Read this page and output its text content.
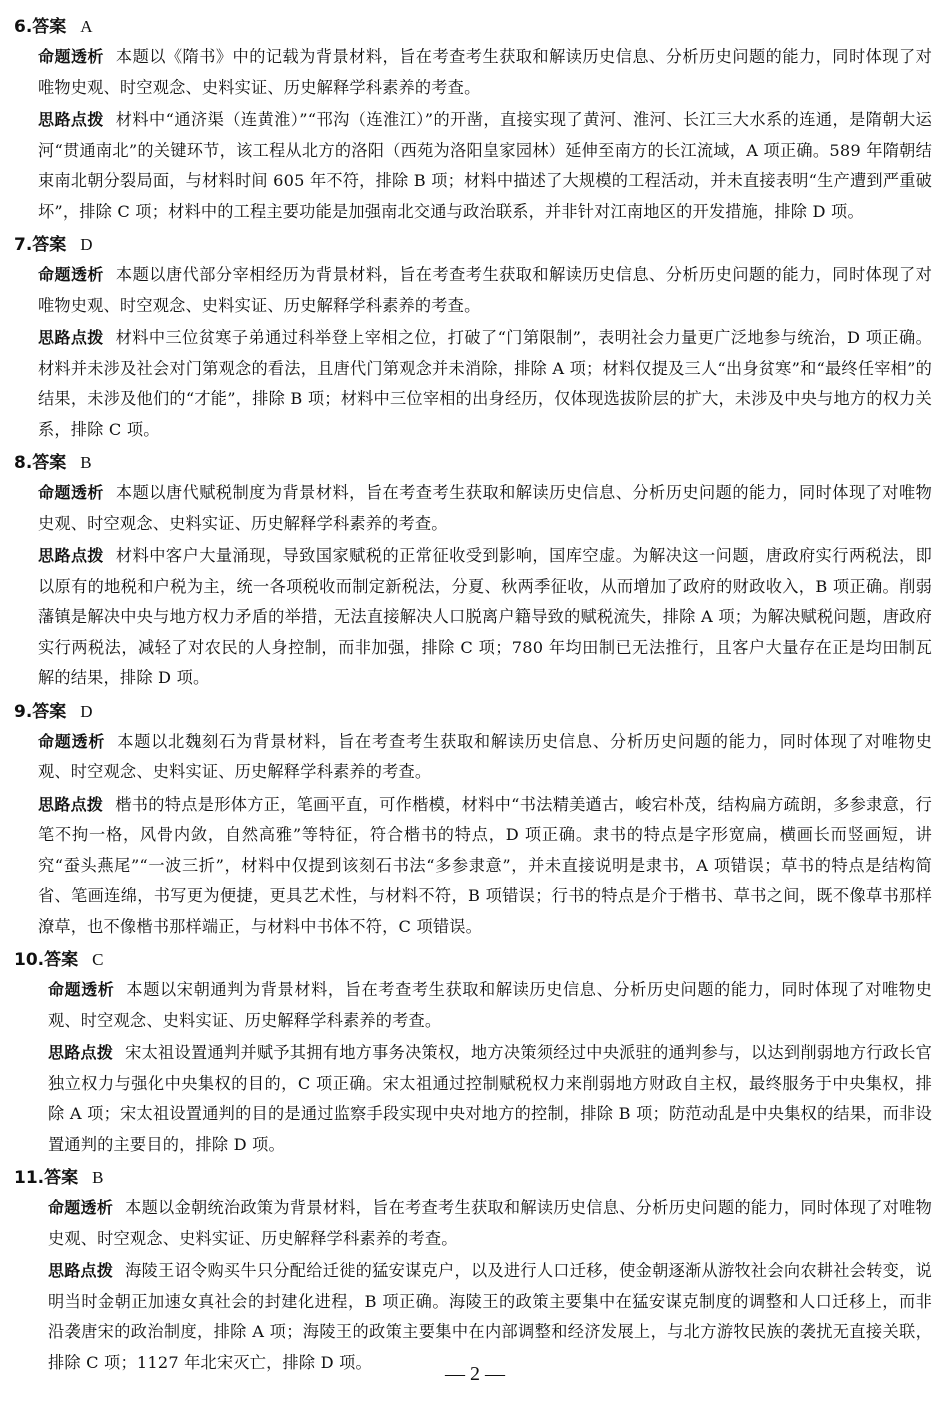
6.答案 A

命题透析 本题以《隋书》中的记载为背景材料，旨在考查考生获取和解读历史信息、分析历史问题的能力，同时体现了对唯物史观、时空观念、史料实证、历史解释学科素养的考查。

思路点拨 材料中“通济渠（连黄淮）”“邗沟（连淮江）”的开凿，直接实现了黄河、淮河、长江三大水系的连通，是隋朝大运河“贯通南北”的关键环节，该工程从北方的洛阳（西苑为洛阳皇家园林）延伸至南方的长江流域，A 项正确。589 年隋朝结束南北朝分裂局面，与材料时间 605 年不符，排除 B 项；材料中描述了大规模的工程活动，并未直接表明“生产遭到严重破坏”，排除 C 项；材料中的工程主要功能是加强南北交通与政治联系，并非针对江南地区的开发措施，排除 D 项。

7.答案 D

命题透析 本题以唐代部分宰相经历为背景材料，旨在考查考生获取和解读历史信息、分析历史问题的能力，同时体现了对唯物史观、时空观念、史料实证、历史解释学科素养的考查。

思路点拨 材料中三位贫寒子弟通过科举登上宰相之位，打破了“门第限制”，表明社会力量更广泛地参与统治，D 项正确。材料并未涉及社会对门第观念的看法，且唐代门第观念并未消除，排除 A 项；材料仅提及三人“出身贫寒”和“最终任宰相”的结果，未涉及他们的“才能”，排除 B 项；材料中三位宰相的出身经历，仅体现选拔阶层的扩大，未涉及中央与地方的权力关系，排除 C 项。

8.答案 B

命题透析 本题以唐代赋税制度为背景材料，旨在考查考生获取和解读历史信息、分析历史问题的能力，同时体现了对唯物史观、时空观念、史料实证、历史解释学科素养的考查。

思路点拨 材料中客户大量涌现，导致国家赋税的正常征收受到影响，国库空虚。为解决这一问题，唐政府实行两税法，即以原有的地税和户税为主，统一各项税收而制定新税法，分夏、秋两季征收，从而增加了政府的财政收入，B 项正确。削弱藩镇是解决中央与地方权力矛盾的举措，无法直接解决人口脱离户籍导致的赋税流失，排除 A 项；为解决赋税问题，唐政府实行两税法，减轻了对农民的人身控制，而非加强，排除 C 项；780 年均田制已无法推行，且客户大量存在正是均田制瓦解的结果，排除 D 项。

9.答案 D

命题透析 本题以北魏刻石为背景材料，旨在考查考生获取和解读历史信息、分析历史问题的能力，同时体现了对唯物史观、时空观念、史料实证、历史解释学科素养的考查。

思路点拨 楷书的特点是形体方正，笔画平直，可作楷模，材料中“书法精美遒古，峻宕朴茂，结构扁方疏朗，多参隶意，行笔不拘一格，风骨内敛，自然高雅”等特征，符合楷书的特点，D 项正确。隶书的特点是字形宽扁，横画长而竖画短，讲究“蚕头燕尾”“一波三折”，材料中仅提到该刻石书法“多参隶意”，并未直接说明是隶书，A 项错误；草书的特点是结构简省、笔画连绵，书写更为便捷，更具艺术性，与材料不符，B 项错误；行书的特点是介于楷书、草书之间，既不像草书那样潦草，也不像楷书那样端正，与材料中书体不符，C 项错误。

10.答案 C

命题透析 本题以宋朝通判为背景材料，旨在考查考生获取和解读历史信息、分析历史问题的能力，同时体现了对唯物史观、时空观念、史料实证、历史解释学科素养的考查。

思路点拨 宋太祖设置通判并赋予其拥有地方事务决策权，地方决策须经过中央派驻的通判参与，以达到削弱地方行政长官独立权力与强化中央集权的目的，C 项正确。宋太祖通过控制赋税权力来削弱地方财政自主权，最终服务于中央集权，排除 A 项；宋太祖设置通判的目的是通过监察手段实现中央对地方的控制，排除 B 项；防范动乱是中央集权的结果，而非设置通判的主要目的，排除 D 项。

11.答案 B

命题透析 本题以金朝统治政策为背景材料，旨在考查考生获取和解读历史信息、分析历史问题的能力，同时体现了对唯物史观、时空观念、史料实证、历史解释学科素养的考查。

思路点拨 海陵王诏令购买牛只分配给迁徙的猛安谋克户，以及进行人口迁移，使金朝逐渐从游牧社会向农耕社会转变，说明当时金朝正加速女真社会的封建化进程，B 项正确。海陵王的政策主要集中在猛安谋克制度的调整和人口迁移上，而非沿袭唐宋的政治制度，排除 A 项；海陵王的政策主要集中在内部调整和经济发展上，与北方游牧民族的袭扰无直接关联，排除 C 项；1127 年北宋灭亡，排除 D 项。

— 2 —
